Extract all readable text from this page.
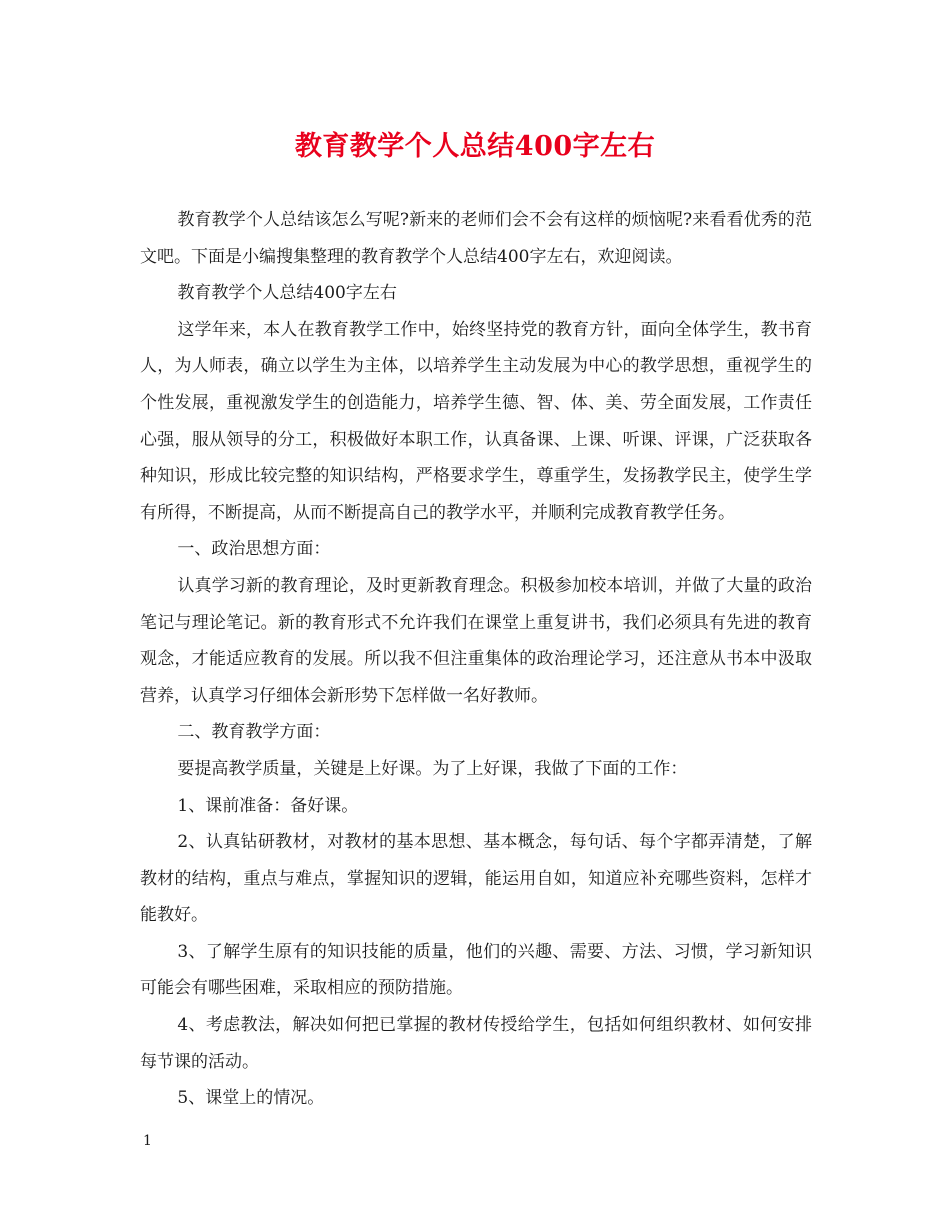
教育教学个人总结400字左右

教育教学个人总结该怎么写呢?新来的老师们会不会有这样的烦恼呢?来看看优秀的范文吧。下面是小编搜集整理的教育教学个人总结400字左右，欢迎阅读。

教育教学个人总结400字左右

这学年来，本人在教育教学工作中，始终坚持党的教育方针，面向全体学生，教书育人，为人师表，确立以学生为主体，以培养学生主动发展为中心的教学思想，重视学生的个性发展，重视激发学生的创造能力，培养学生德、智、体、美、劳全面发展，工作责任心强，服从领导的分工，积极做好本职工作，认真备课、上课、听课、评课，广泛获取各种知识，形成比较完整的知识结构，严格要求学生，尊重学生，发扬教学民主，使学生学有所得，不断提高，从而不断提高自己的教学水平，并顺利完成教育教学任务。

一、政治思想方面：

认真学习新的教育理论，及时更新教育理念。积极参加校本培训，并做了大量的政治笔记与理论笔记。新的教育形式不允许我们在课堂上重复讲书，我们必须具有先进的教育观念，才能适应教育的发展。所以我不但注重集体的政治理论学习，还注意从书本中汲取营养，认真学习仔细体会新形势下怎样做一名好教师。

二、教育教学方面：

要提高教学质量，关键是上好课。为了上好课，我做了下面的工作：

1、课前准备：备好课。

2、认真钻研教材，对教材的基本思想、基本概念，每句话、每个字都弄清楚，了解教材的结构，重点与难点，掌握知识的逻辑，能运用自如，知道应补充哪些资料，怎样才能教好。

3、了解学生原有的知识技能的质量，他们的兴趣、需要、方法、习惯，学习新知识可能会有哪些困难，采取相应的预防措施。

4、考虑教法，解决如何把已掌握的教材传授给学生，包括如何组织教材、如何安排每节课的活动。

5、课堂上的情况。

1
